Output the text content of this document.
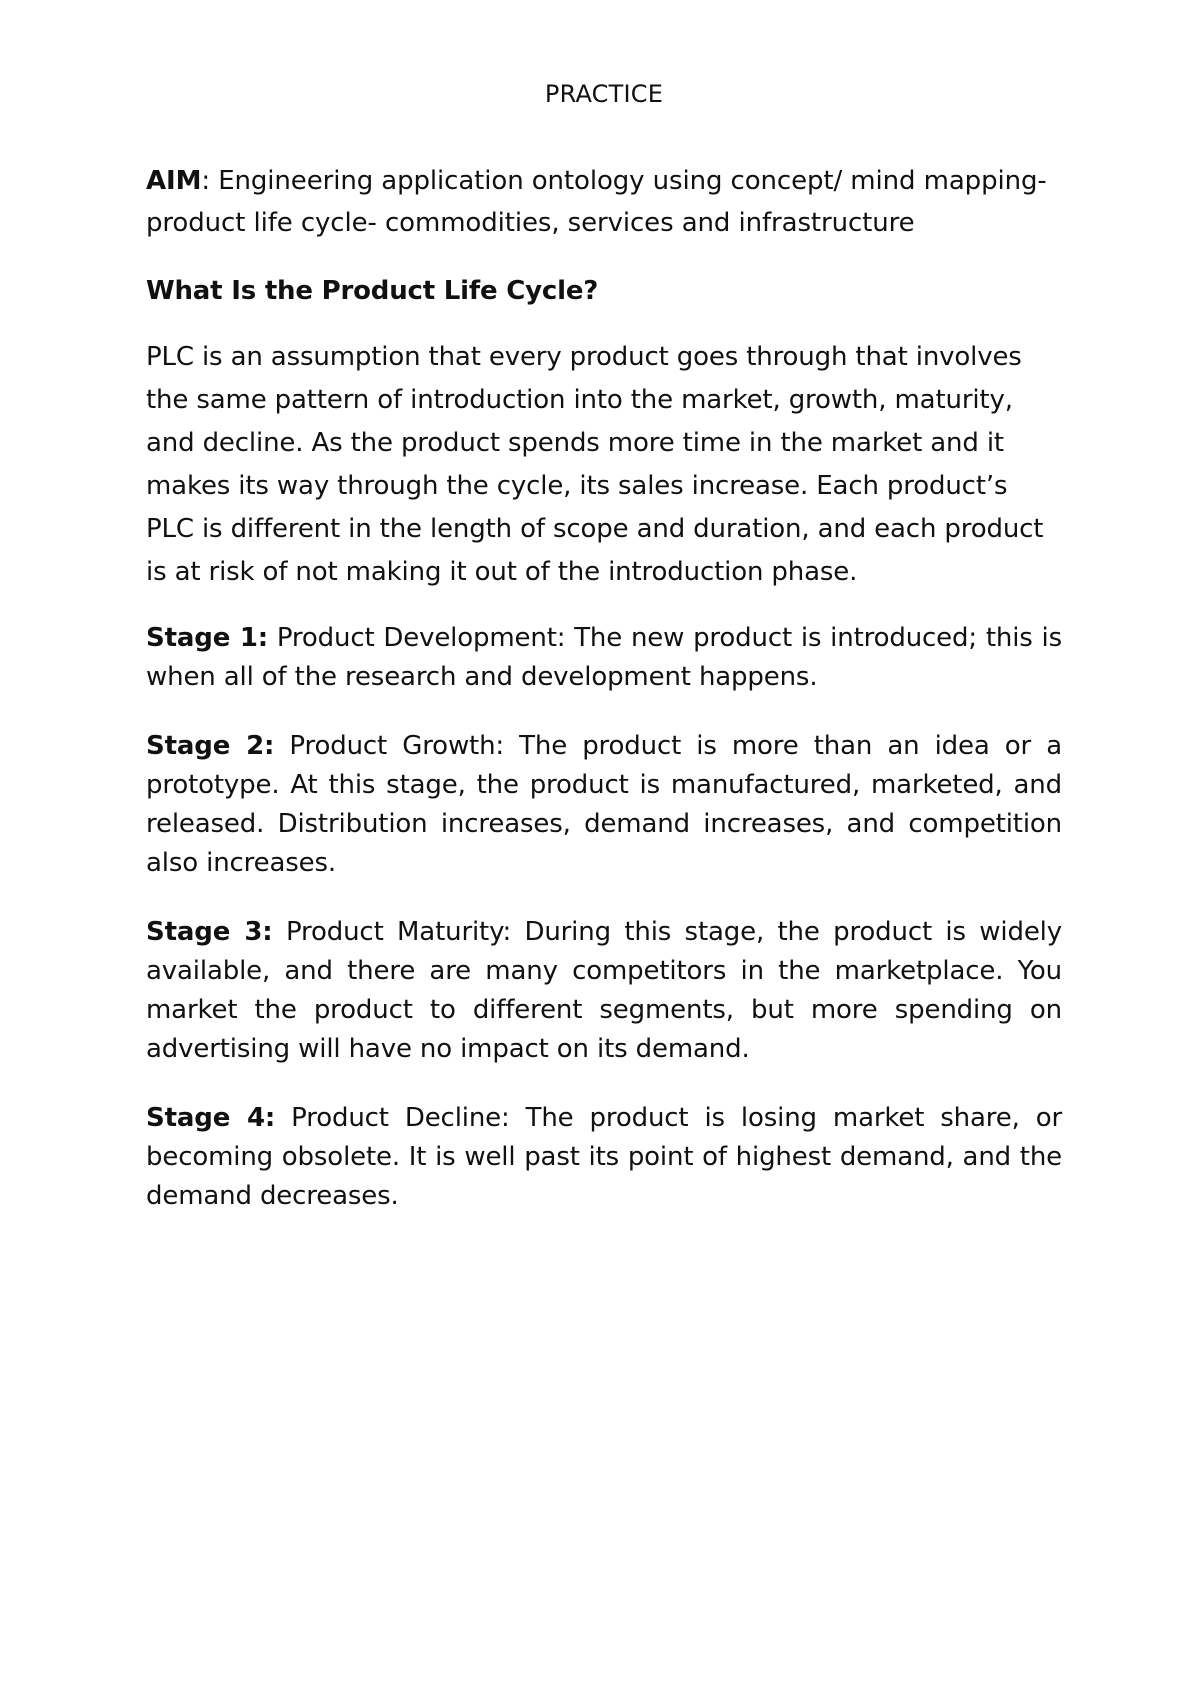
PRACTICE

AIM: Engineering application ontology using concept/ mind mapping-product life cycle- commodities, services and infrastructure

What Is the Product Life Cycle?

PLC is an assumption that every product goes through that involves the same pattern of introduction into the market, growth, maturity, and decline. As the product spends more time in the market and it makes its way through the cycle, its sales increase. Each product’s PLC is different in the length of scope and duration, and each product is at risk of not making it out of the introduction phase.

Stage 1: Product Development: The new product is introduced; this is when all of the research and development happens.

Stage 2: Product Growth: The product is more than an idea or a prototype. At this stage, the product is manufactured, marketed, and released. Distribution increases, demand increases, and competition also increases.

Stage 3: Product Maturity: During this stage, the product is widely available, and there are many competitors in the marketplace. You market the product to different segments, but more spending on advertising will have no impact on its demand.

Stage 4: Product Decline: The product is losing market share, or becoming obsolete. It is well past its point of highest demand, and the demand decreases.
